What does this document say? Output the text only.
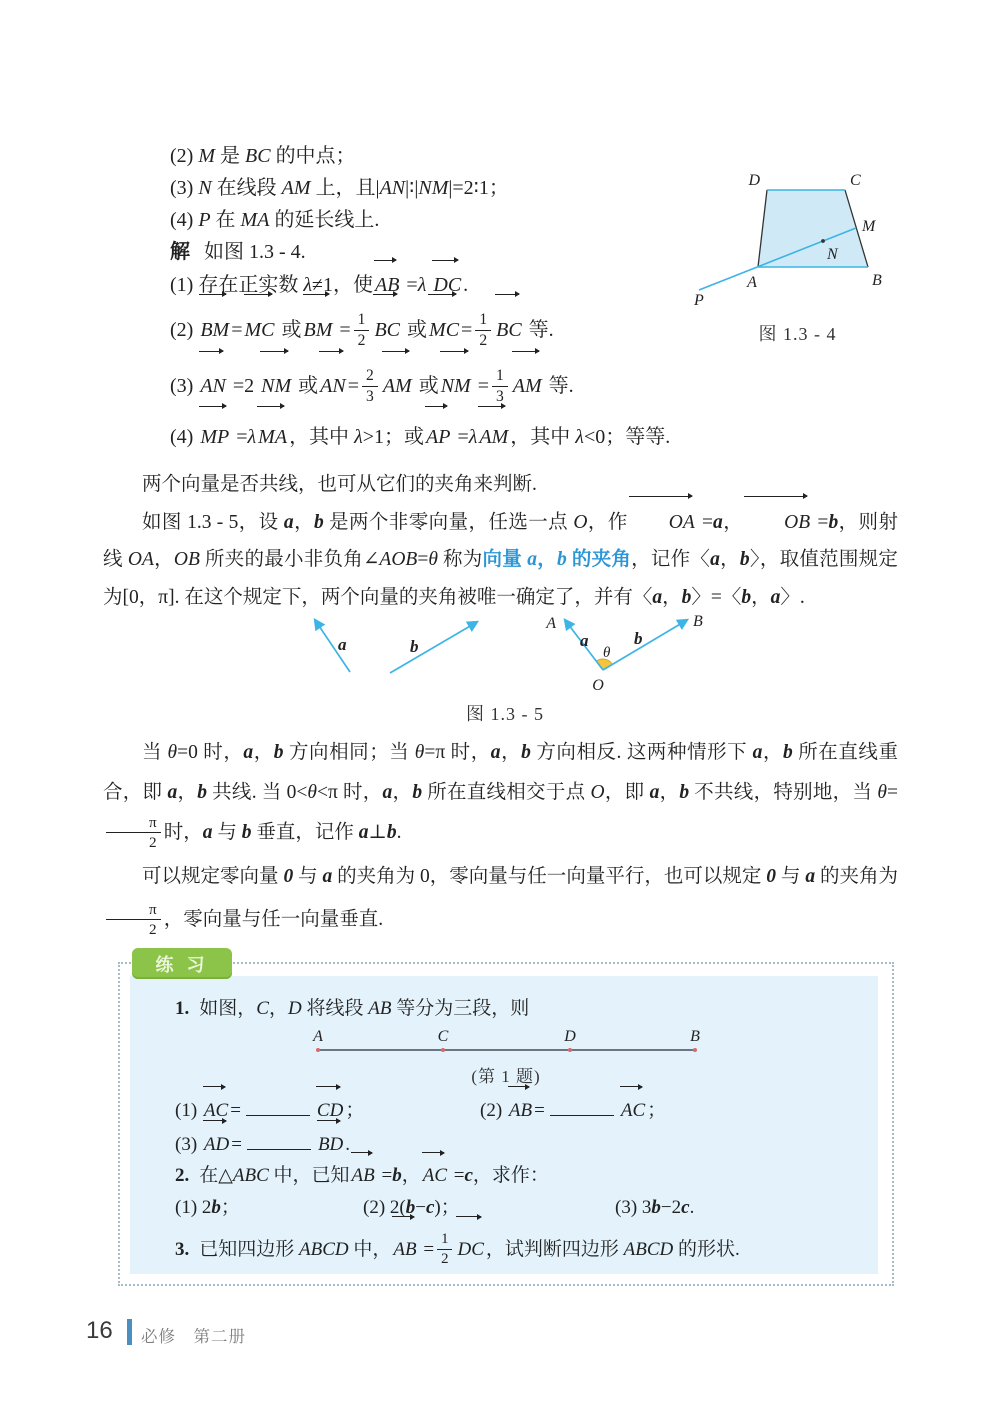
(2) M 是 BC 的中点；
(3) N 在线段 AM 上，且|AN|∶|NM|=2∶1；
(4) P 在 MA 的延长线上.
解 如图 1.3 - 4.
(1) 存在正实数 λ≠1，使 AB =λ DC .
(2)
BM = MC 或 BM = $\frac{1}{2}$ BC 或 MC = $\frac{1}{2}$ BC 等.
(3)
AN =2
NM 或 AN = $\frac{2}{3}$ AM 或 NM = $\frac{1}{3}$ AM 等.
(4)
MP =λ MA ，其中 λ>1；或 AP =λ AM ，其中 λ<0；等等.
D	C
M
N
A	B
P
图 1.3 - 4

两个向量是否共线，也可从它们的夹角来判断.

如图 1.3 - 5，设 a，b 是两个非零向量，任选一点 O，作 OA =a， OB =b，则射线 OA，OB 所夹的最小非负角∠AOB=θ 称为向量 a，b 的夹角，记作〈a，b〉，取值范围规定为[0，π]. 在这个规定下，两个向量的夹角被唯一确定了，并有〈a，b〉=〈b，a〉.

a	b
A	B
a	b
θ
O
图 1.3 - 5

当 θ=0 时，a，b 方向相同；当 θ=π 时，a，b 方向相反. 这两种情形下 a，b 所在直线重合，即 a，b 共线. 当 0<θ<π 时，a，b 所在直线相交于点 O，即 a，b 不共线，特别地，当 θ=
$\frac{\pi}{2}$ 时，a 与 b 垂直，记作 a⊥b.

可以规定零向量 0 与 a 的夹角为 0，零向量与任一向量平行，也可以规定 0 与 a 的夹角为
$\frac{\pi}{2}$ ，零向量与任一向量垂直.

练 习
1. 如图，C，D 将线段 AB 等分为三段，则
A	C	D	B
(第 1 题)
(1)
AC =	CD ；	(2)
AB =	AC ；
(3)
AD =	BD .
2. 在△ABC 中，已知 AB =b， AC =c，求作：
(1) 2b；	(2) 2(b−c)；	(3) 3b−2c.
3. 已知四边形 ABCD 中， AB = $\frac{1}{2}$ DC ，试判断四边形 ABCD 的形状.
16 必修　第二册
